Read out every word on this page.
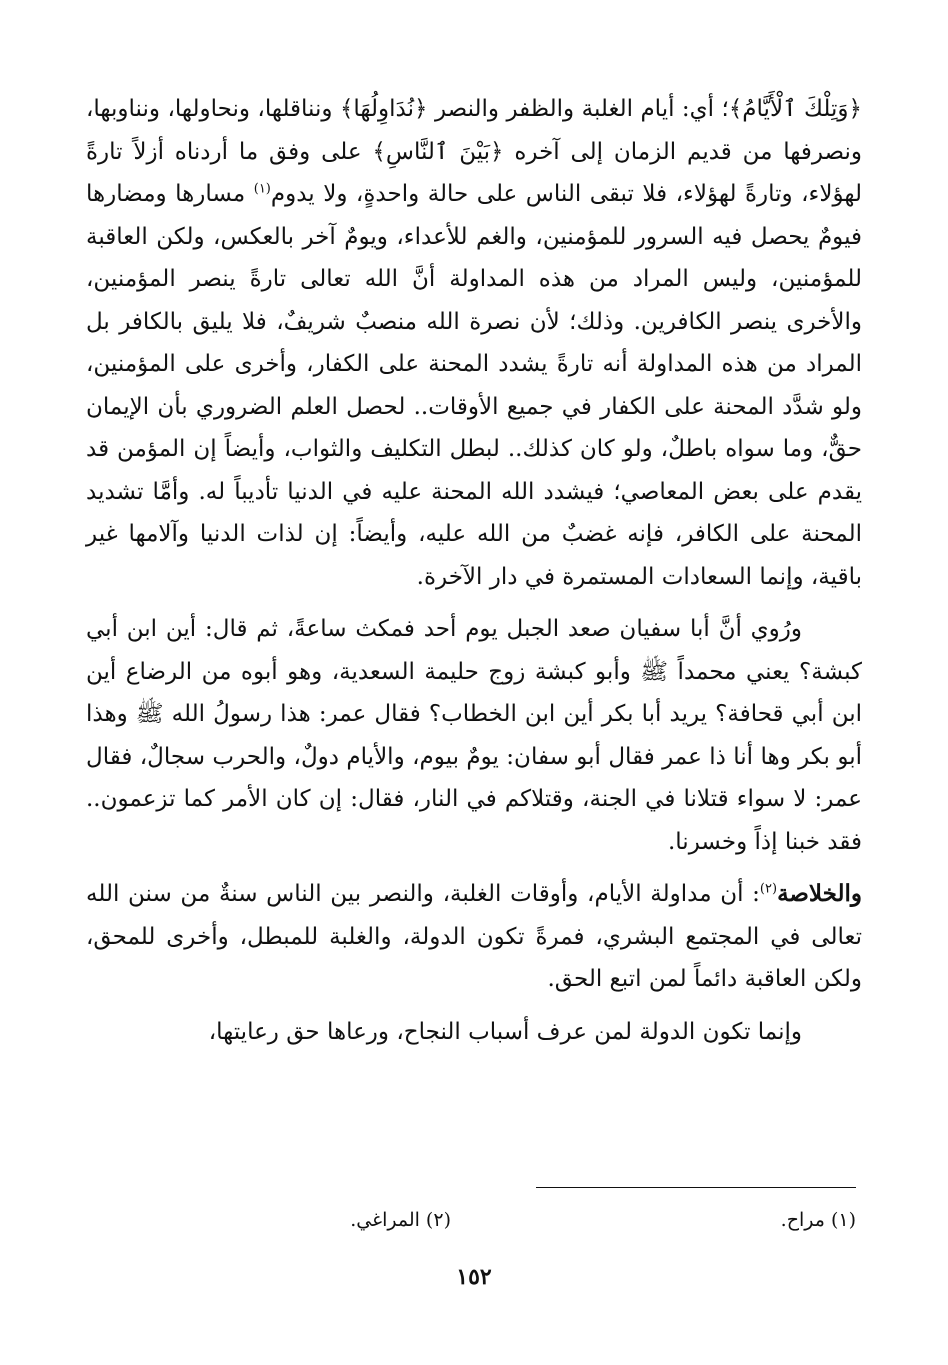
﴿وَتِلْكَ ٱلْأَيَّامُ﴾؛ أي: أيام الغلبة والظفر والنصر ﴿نُدَاوِلُهَا﴾ ونناقلها، ونحاولها، ونناوبها، ونصرفها من قديم الزمان إلى آخره ﴿بَيْنَ ٱلنَّاسِ﴾ على وفق ما أردناه أزلاً تارةً لهؤلاء، وتارةً لهؤلاء، فلا تبقى الناس على حالة واحدةٍ، ولا يدوم$^{(١)}$ مسارها ومضارها فيومٌ يحصل فيه السرور للمؤمنين، والغم للأعداء، ويومٌ آخر بالعكس، ولكن العاقبة للمؤمنين، وليس المراد من هذه المداولة أنَّ الله تعالى تارةً ينصر المؤمنين، والأخرى ينصر الكافرين. وذلك؛ لأن نصرة الله منصبٌ شريفٌ، فلا يليق بالكافر بل المراد من هذه المداولة أنه تارةً يشدد المحنة على الكفار، وأخرى على المؤمنين، ولو شدَّد المحنة على الكفار في جميع الأوقات.. لحصل العلم الضروري بأن الإيمان حقٌّ، وما سواه باطلٌ، ولو كان كذلك.. لبطل التكليف والثواب، وأيضاً إن المؤمن قد يقدم على بعض المعاصي؛ فيشدد الله المحنة عليه في الدنيا تأديباً له. وأمَّا تشديد المحنة على الكافر، فإنه غضبٌ من الله عليه، وأيضاً: إن لذات الدنيا وآلامها غير باقية، وإنما السعادات المستمرة في دار الآخرة.

ورُوي أنَّ أبا سفيان صعد الجبل يوم أحد فمكث ساعةً، ثم قال: أين ابن أبي كبشة؟ يعني محمداً ﷺ وأبو كبشة زوج حليمة السعدية، وهو أبوه من الرضاع أين ابن أبي قحافة؟ يريد أبا بكر أين ابن الخطاب؟ فقال عمر: هذا رسولُ الله ﷺ وهذا أبو بكر وها أنا ذا عمر فقال أبو سفان: يومٌ بيوم، والأيام دولٌ، والحرب سجالٌ، فقال عمر: لا سواء قتلانا في الجنة، وقتلاكم في النار، فقال: إن كان الأمر كما تزعمون.. فقد خبنا إذاً وخسرنا.

والخلاصة$^{(٢)}$: أن مداولة الأيام، وأوقات الغلبة، والنصر بين الناس سنةٌ من سنن الله تعالى في المجتمع البشري، فمرةً تكون الدولة، والغلبة للمبطل، وأخرى للمحق، ولكن العاقبة دائماً لمن اتبع الحق.

وإنما تكون الدولة لمن عرف أسباب النجاح، ورعاها حق رعايتها،

(١) مراح.
(٢) المراغي.
١٥٢
